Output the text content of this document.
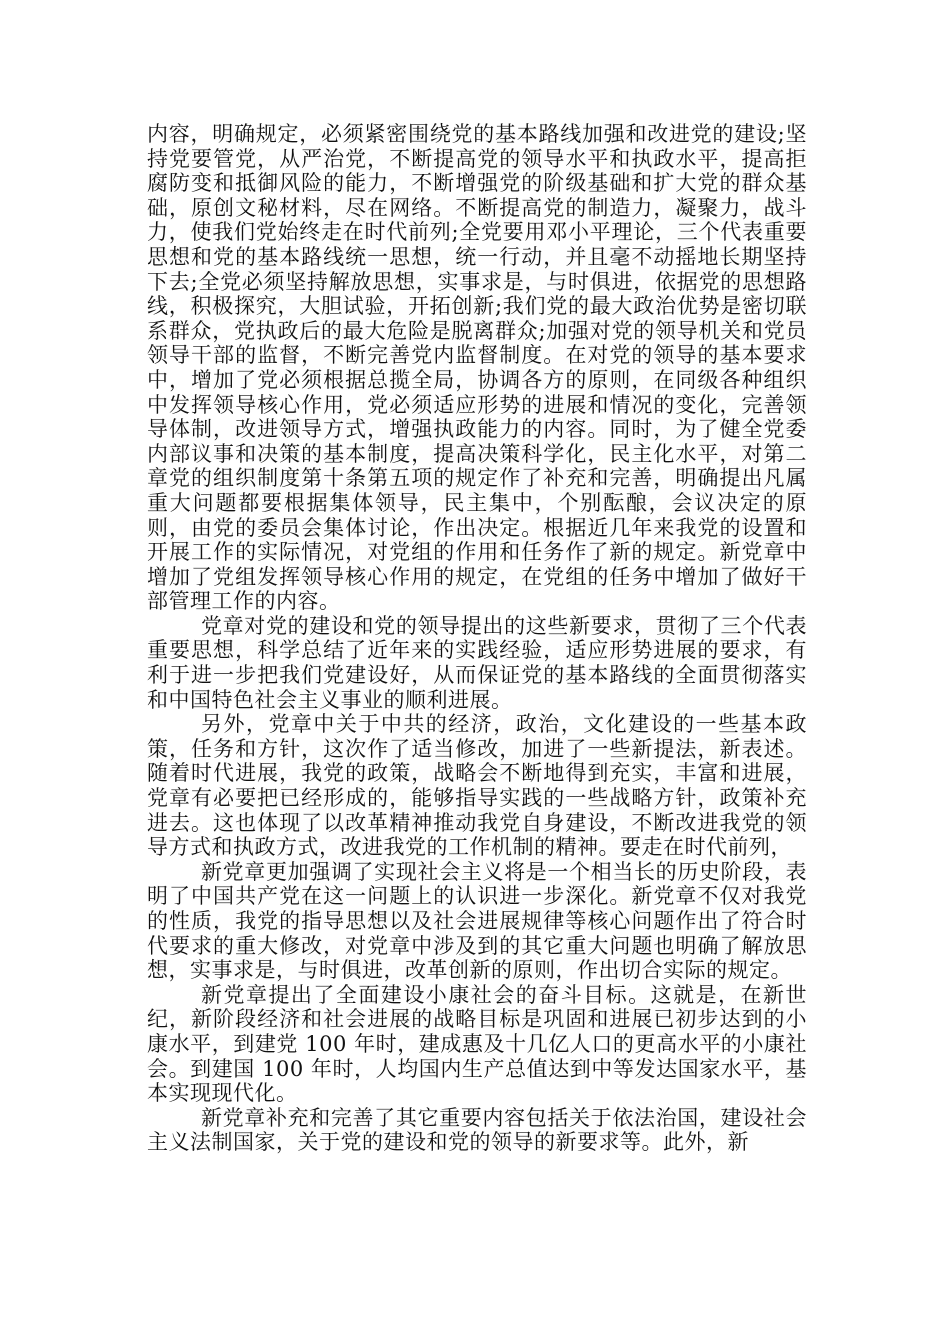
内容，明确规定，必须紧密围绕党的基本路线加强和改进党的建设;坚持党要管党，从严治党，不断提高党的领导水平和执政水平，提高拒腐防变和抵御风险的能力，不断增强党的阶级基础和扩大党的群众基础，原创文秘材料，尽在网络。不断提高党的制造力，凝聚力，战斗力，使我们党始终走在时代前列;全党要用邓小平理论，三个代表重要思想和党的基本路线统一思想，统一行动，并且毫不动摇地长期坚持下去;全党必须坚持解放思想，实事求是，与时俱进，依据党的思想路线，积极探究，大胆试验，开拓创新;我们党的最大政治优势是密切联系群众，党执政后的最大危险是脱离群众;加强对党的领导机关和党员领导干部的监督，不断完善党内监督制度。在对党的领导的基本要求中，增加了党必须根据总揽全局，协调各方的原则，在同级各种组织中发挥领导核心作用，党必须适应形势的进展和情况的变化，完善领导体制，改进领导方式，增强执政能力的内容。同时，为了健全党委内部议事和决策的基本制度，提高决策科学化，民主化水平，对第二章党的组织制度第十条第五项的规定作了补充和完善，明确提出凡属重大问题都要根据集体领导，民主集中，个别酝酿，会议决定的原则，由党的委员会集体讨论，作出决定。根据近几年来我党的设置和开展工作的实际情况，对党组的作用和任务作了新的规定。新党章中增加了党组发挥领导核心作用的规定，在党组的任务中增加了做好干部管理工作的内容。

党章对党的建设和党的领导提出的这些新要求，贯彻了三个代表重要思想，科学总结了近年来的实践经验，适应形势进展的要求，有利于进一步把我们党建设好，从而保证党的基本路线的全面贯彻落实和中国特色社会主义事业的顺利进展。

另外，党章中关于中共的经济，政治，文化建设的一些基本政策，任务和方针，这次作了适当修改，加进了一些新提法，新表述。随着时代进展，我党的政策，战略会不断地得到充实，丰富和进展，党章有必要把已经形成的，能够指导实践的一些战略方针，政策补充进去。这也体现了以改革精神推动我党自身建设，不断改进我党的领导方式和执政方式，改进我党的工作机制的精神。要走在时代前列，

新党章更加强调了实现社会主义将是一个相当长的历史阶段，表明了中国共产党在这一问题上的认识进一步深化。新党章不仅对我党的性质，我党的指导思想以及社会进展规律等核心问题作出了符合时代要求的重大修改，对党章中涉及到的其它重大问题也明确了解放思想，实事求是，与时俱进，改革创新的原则，作出切合实际的规定。

新党章提出了全面建设小康社会的奋斗目标。这就是，在新世纪，新阶段经济和社会进展的战略目标是巩固和进展已初步达到的小康水平，到建党 100 年时，建成惠及十几亿人口的更高水平的小康社会。到建国 100 年时，人均国内生产总值达到中等发达国家水平，基本实现现代化。

新党章补充和完善了其它重要内容包括关于依法治国，建设社会主义法制国家，关于党的建设和党的领导的新要求等。此外，新
